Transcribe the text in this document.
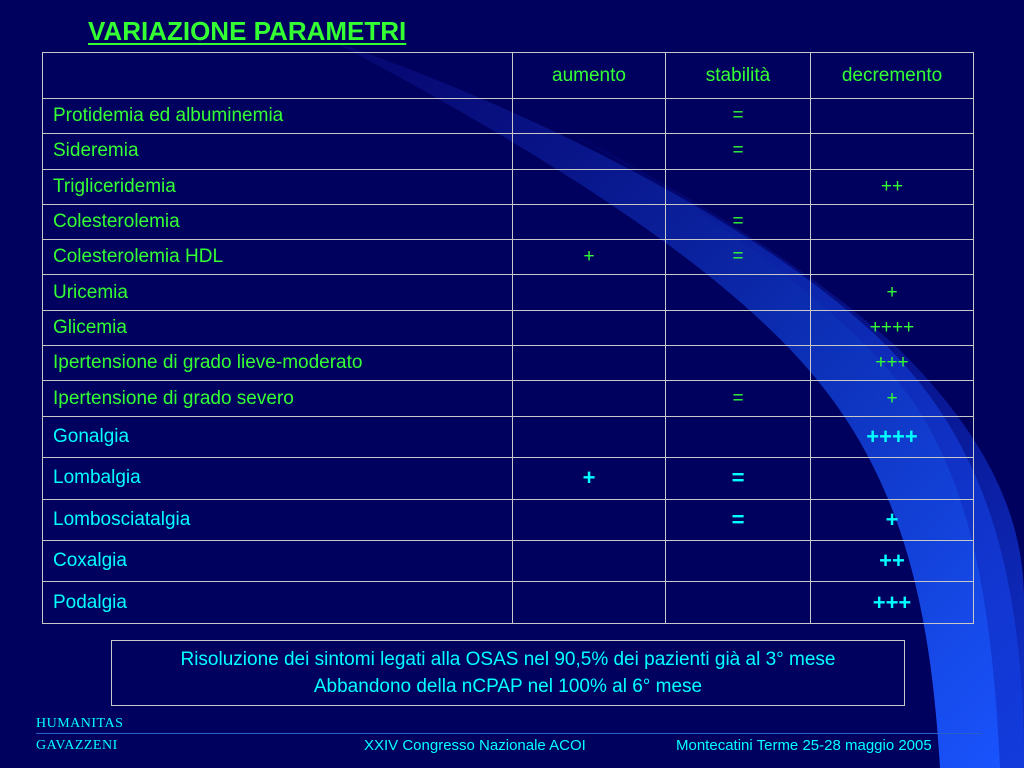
VARIAZIONE PARAMETRI
	aumento	stabilità	decremento
Protidemia ed albuminemia		=	
Sideremia		=	
Trigliceridemia			++
Colesterolemia		=	
Colesterolemia HDL	+	=	
Uricemia			+
Glicemia			++++
Ipertensione di grado lieve-moderato			+++
Ipertensione di grado severo		=	+
Gonalgia			++++
Lombalgia	+	=	
Lombosciatalgia		=	+
Coxalgia			++
Podalgia			+++
Risoluzione dei sintomi legati alla OSAS nel 90,5% dei pazienti già al 3° mese
Abbandono della nCPAP nel 100% al 6° mese
HUMANITAS
GAVAZZENI	XXIV Congresso Nazionale ACOI	Montecatini Terme 25-28 maggio 2005
